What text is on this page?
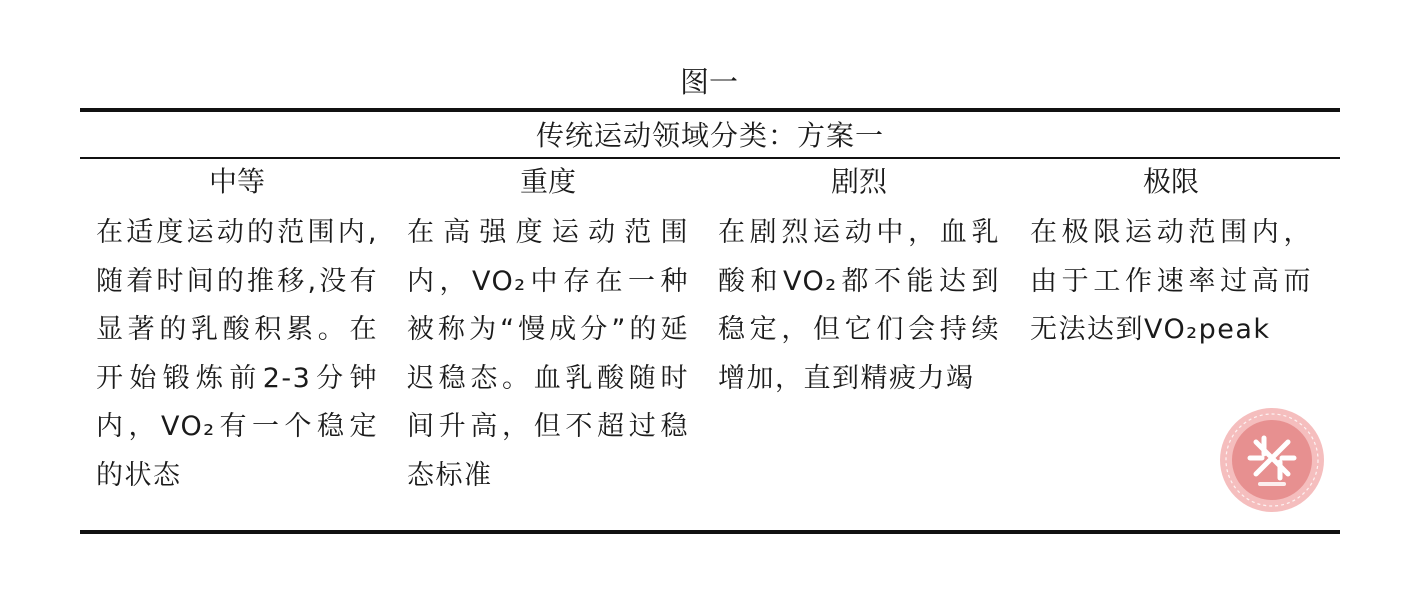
图一
传统运动领域分类：方案一
中等
在适度运动的范围内,随着时间的推移,没有显著的乳酸积累。在开始锻炼前2-3分钟内，VO₂有一个稳定的状态
重度
在高强度运动范围内，VO₂中存在一种被称为“慢成分”的延迟稳态。血乳酸随时间升高，但不超过稳态标准
剧烈
在剧烈运动中，血乳酸和VO₂都不能达到稳定，但它们会持续增加，直到精疲力竭
极限
在极限运动范围内，由于工作速率过高而无法达到VO₂peak
